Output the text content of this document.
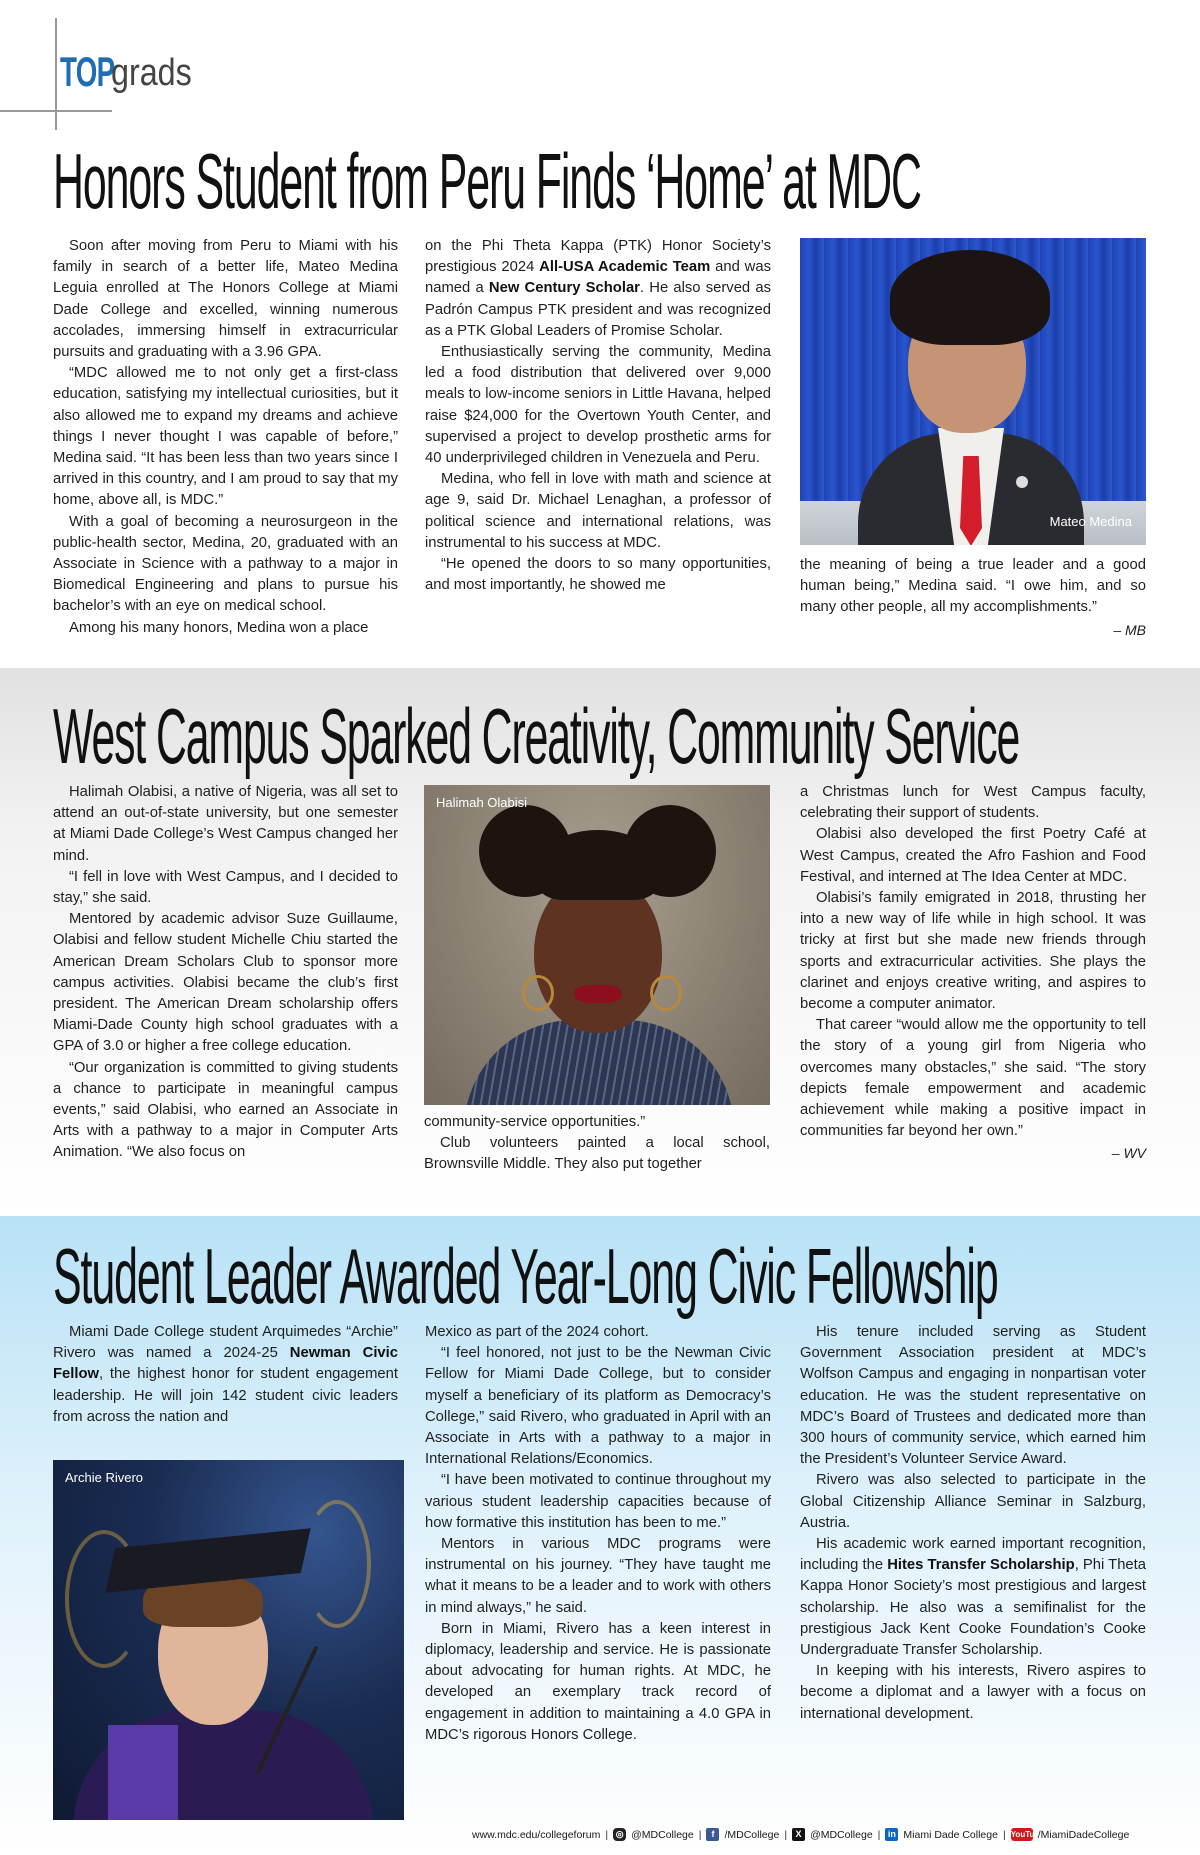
TOP
grads
Honors Student from Peru Finds ‘Home’ at MDC

Soon after moving from Peru to Miami with his family in search of a better life, Mateo Medina Leguia enrolled at The Honors College at Miami Dade College and excelled, winning numerous accolades, immersing himself in extracurricular pursuits and graduating with a 3.96 GPA.

“MDC allowed me to not only get a first-class education, satisfying my intellectual curiosities, but it also allowed me to expand my dreams and achieve things I never thought I was capable of before,” Medina said. “It has been less than two years since I arrived in this country, and I am proud to say that my home, above all, is MDC.”

With a goal of becoming a neurosurgeon in the public-health sector, Medina, 20, graduated with an Associate in Science with a pathway to a major in Biomedical Engineering and plans to pursue his bachelor’s with an eye on medical school.

Among his many honors, Medina won a place

on the Phi Theta Kappa (PTK) Honor Society’s prestigious 2024 All-USA Academic Team and was named a New Century Scholar. He also served as Padrón Campus PTK president and was recognized as a PTK Global Leaders of Promise Scholar.

Enthusiastically serving the community, Medina led a food distribution that delivered over 9,000 meals to low-income seniors in Little Havana, helped raise $24,000 for the Overtown Youth Center, and supervised a project to develop prosthetic arms for 40 underprivileged children in Venezuela and Peru.

Medina, who fell in love with math and science at age 9, said Dr. Michael Lenaghan, a professor of political science and international relations, was instrumental to his success at MDC.

“He opened the doors to so many opportunities, and most importantly, he showed me

Mateo Medina

the meaning of being a true leader and a good human being,” Medina said. “I owe him, and so many other people, all my accomplishments.”

– MB
West Campus Sparked Creativity, Community Service

Halimah Olabisi, a native of Nigeria, was all set to attend an out-of-state university, but one semester at Miami Dade College’s West Campus changed her mind.

“I fell in love with West Campus, and I decided to stay,” she said.

Mentored by academic advisor Suze Guillaume, Olabisi and fellow student Michelle Chiu started the American Dream Scholars Club to sponsor more campus activities. Olabisi became the club’s first president. The American Dream scholarship offers Miami-Dade County high school graduates with a GPA of 3.0 or higher a free college education.

“Our organization is committed to giving students a chance to participate in meaningful campus events,” said Olabisi, who earned an Associate in Arts with a pathway to a major in Computer Arts Animation. “We also focus on

Halimah Olabisi

community-service opportunities.”

Club volunteers painted a local school, Brownsville Middle. They also put together

a Christmas lunch for West Campus faculty, celebrating their support of students.

Olabisi also developed the first Poetry Café at West Campus, created the Afro Fashion and Food Festival, and interned at The Idea Center at MDC.

Olabisi’s family emigrated in 2018, thrusting her into a new way of life while in high school. It was tricky at first but she made new friends through sports and extracurricular activities. She plays the clarinet and enjoys creative writing, and aspires to become a computer animator.

That career “would allow me the opportunity to tell the story of a young girl from Nigeria who overcomes many obstacles,” she said. “The story depicts female empowerment and academic achievement while making a positive impact in communities far beyond her own.”

– WV
Student Leader Awarded Year-Long Civic Fellowship

Miami Dade College student Arquimedes “Archie” Rivero was named a 2024-25 Newman Civic Fellow, the highest honor for student engagement leadership. He will join 142 student civic leaders from across the nation and

Archie Rivero

Mexico as part of the 2024 cohort.

“I feel honored, not just to be the Newman Civic Fellow for Miami Dade College, but to consider myself a beneficiary of its platform as Democracy’s College,” said Rivero, who graduated in April with an Associate in Arts with a pathway to a major in International Relations/Economics.

“I have been motivated to continue throughout my various student leadership capacities because of how formative this institution has been to me.”

Mentors in various MDC programs were instrumental on his journey. “They have taught me what it means to be a leader and to work with others in mind always,” he said.

Born in Miami, Rivero has a keen interest in diplomacy, leadership and service. He is passionate about advocating for human rights. At MDC, he developed an exemplary track record of engagement in addition to maintaining a 4.0 GPA in MDC’s rigorous Honors College.

His tenure included serving as Student Government Association president at MDC’s Wolfson Campus and engaging in nonpartisan voter education. He was the student representative on MDC’s Board of Trustees and dedicated more than 300 hours of community service, which earned him the President’s Volunteer Service Award.

Rivero was also selected to participate in the Global Citizenship Alliance Seminar in Salzburg, Austria.

His academic work earned important recognition, including the Hites Transfer Scholarship, Phi Theta Kappa Honor Society’s most prestigious and largest scholarship. He also was a semifinalist for the prestigious Jack Kent Cooke Foundation’s Cooke Undergraduate Transfer Scholarship.

In keeping with his interests, Rivero aspires to become a diplomat and a lawyer with a focus on international development.

www.mdc.edu/collegeforum | ◎ @MDCollege |	f /MDCollege | X @MDCollege | in Miami Dade College | YouTube
/MiamiDadeCollege
